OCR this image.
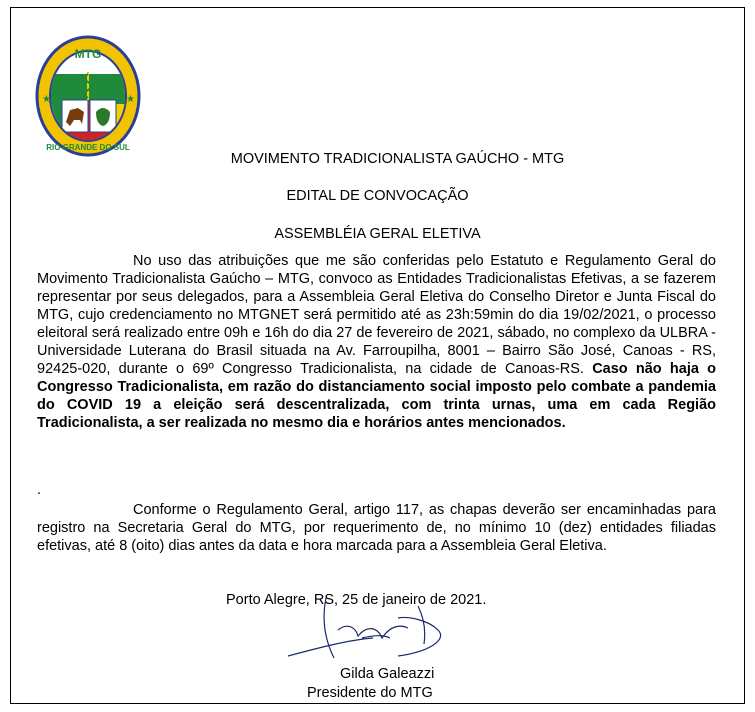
MTG
RIO GRANDE DO SUL
★	★
MOVIMENTO TRADICIONALISTA GAÚCHO - MTG
EDITAL DE CONVOCAÇÃO
ASSEMBLÉIA GERAL ELETIVA

No uso das atribuições que me são conferidas pelo Estatuto e Regulamento Geral do Movimento Tradicionalista Gaúcho – MTG, convoco as Entidades Tradicionalistas Efetivas, a se fazerem representar por seus delegados, para a Assembleia Geral Eletiva do Conselho Diretor e Junta Fiscal do MTG, cujo credenciamento no MTGNET será permitido até as 23h:59min do dia 19/02/2021, o processo eleitoral será realizado entre 09h e 16h do dia 27 de fevereiro de 2021, sábado, no complexo da ULBRA - Universidade Luterana do Brasil situada na Av. Farroupilha, 8001 – Bairro São José, Canoas - RS, 92425-020, durante o 69º Congresso Tradicionalista, na cidade de Canoas-RS. Caso não haja o Congresso Tradicionalista, em razão do distanciamento social imposto pelo combate a pandemia do COVID 19 a eleição será descentralizada, com trinta urnas, uma em cada Região Tradicionalista, a ser realizada no mesmo dia e horários antes mencionados.

.

Conforme o Regulamento Geral, artigo 117, as chapas deverão ser encaminhadas para registro na Secretaria Geral do MTG, por requerimento de, no mínimo 10 (dez) entidades filiadas efetivas, até 8 (oito) dias antes da data e hora marcada para a Assembleia Geral Eletiva.

Porto Alegre, RS, 25 de janeiro de 2021.
Gilda Galeazzi
Presidente do MTG
